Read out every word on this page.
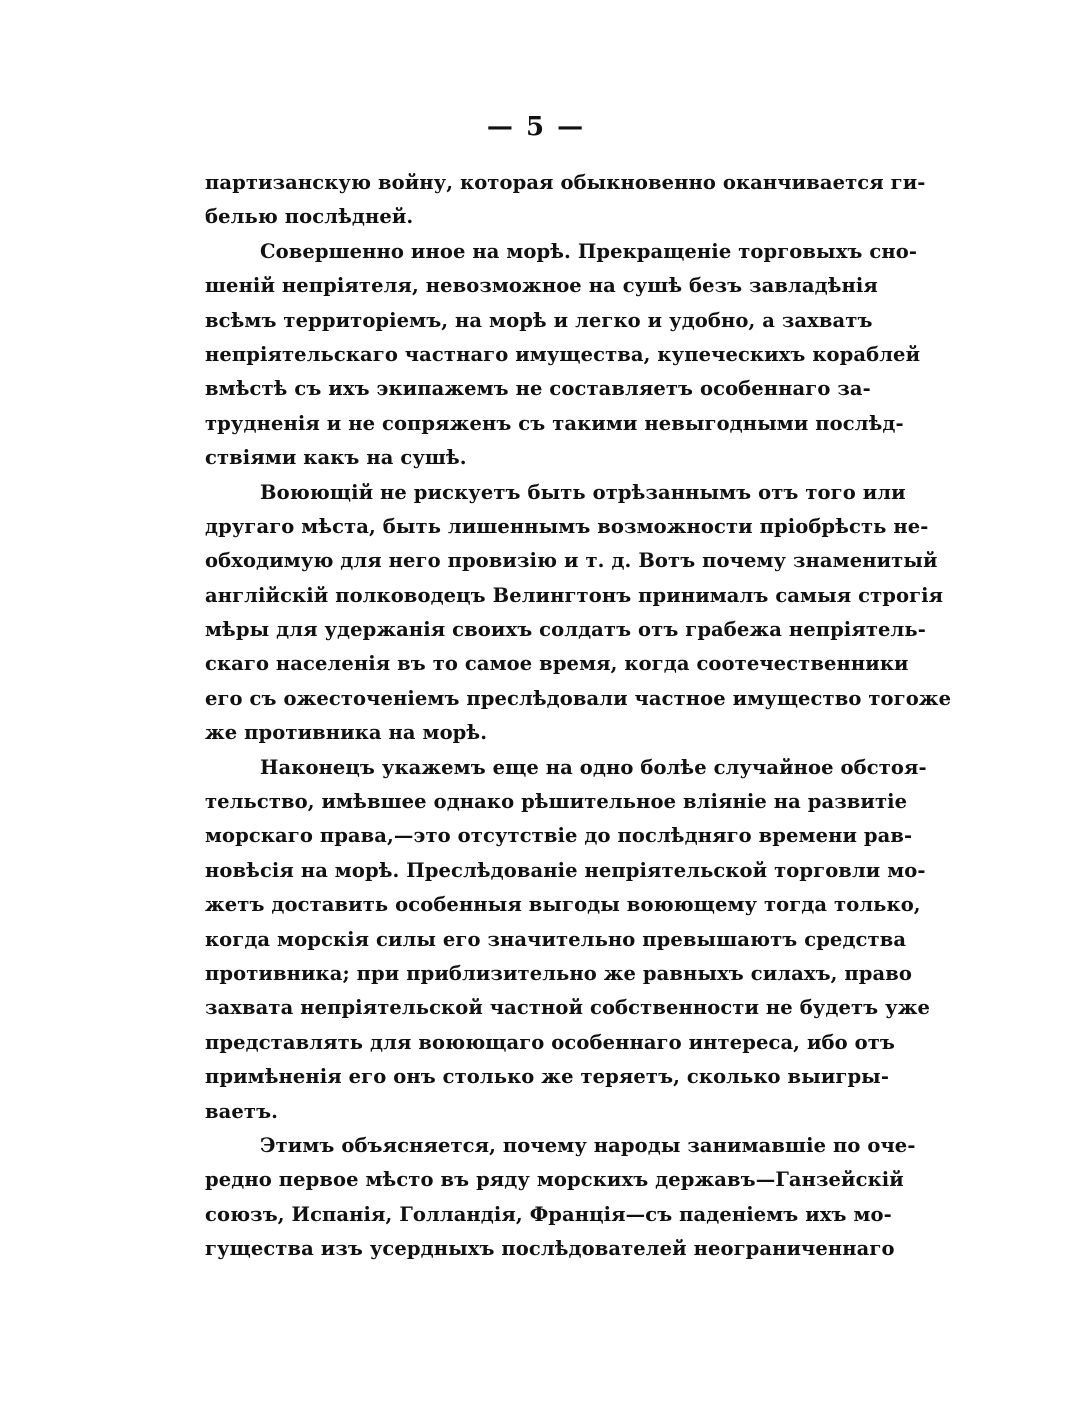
— 5 —
партизанскую войну, которая обыкновенно оканчивается ги-
белью послѣдней.
Совершенно иное на морѣ. Прекращеніе торговыхъ сно-
шеній непріятеля, невозможное на сушѣ безъ завладѣнія
всѣмъ территоріемъ, на морѣ и легко и удобно, а захватъ
непріятельскаго частнаго имущества, купеческихъ кораблей
вмѣстѣ съ ихъ экипажемъ не составляетъ особеннаго за-
трудненія и не сопряженъ съ такими невыгодными послѣд-
ствіями какъ на сушѣ.
Воюющій не рискуетъ быть отрѣзаннымъ отъ того или
другаго мѣста, быть лишеннымъ возможности пріобрѣсть не-
обходимую для него провизію и т. д. Вотъ почему знаменитый
англійскій полководецъ Велингтонъ принималъ самыя строгія
мѣры для удержанія своихъ солдатъ отъ грабежа непріятель-
скаго населенія въ то самое время, когда соотечественники
его съ ожесточеніемъ преслѣдовали частное имущество тогоже
же противника на морѣ.
Наконецъ укажемъ еще на одно болѣе случайное обстоя-
тельство, имѣвшее однако рѣшительное вліяніе на развитіе
морскаго права,—это отсутствіе до послѣдняго времени рав-
новѣсія на морѣ. Преслѣдованіе непріятельской торговли мо-
жетъ доставить особенныя выгоды воюющему тогда только,
когда морскія силы его значительно превышаютъ средства
противника; при приблизительно же равныхъ силахъ, право
захвата непріятельской частной собственности не будетъ уже
представлять для воюющаго особеннаго интереса, ибо отъ
примѣненія его онъ столько же теряетъ, сколько выигры-
ваетъ.
Этимъ объясняется, почему народы занимавшіе по оче-
редно первое мѣсто въ ряду морскихъ державъ—Ганзейскій
союзъ, Испанія, Голландія, Франція—съ паденіемъ ихъ мо-
гущества изъ усердныхъ послѣдователей неограниченнаго
